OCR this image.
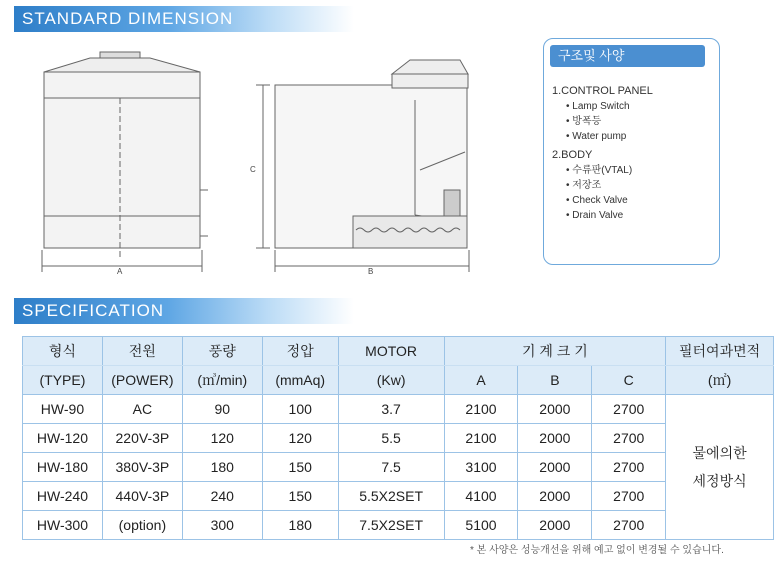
STANDARD DIMENSION
A	B
C
구조및 사양
1.CONTROL PANEL
• Lamp Switch
• 방폭등
• Water pump
2.BODY
• 수류판(VTAL)
• 저장조
• Check Valve
• Drain Valve
SPECIFICATION
형식	전원	풍량	정압	MOTOR	기 계 크 기			필터여과면적
(TYPE)	(POWER)	(㎥/min)	(mmAq)	(Kw)	A	B	C	(㎡)
HW-90	AC	90	100	3.7	2100	2000	2700	물에의한
세정방식

HW-120	220V-3P	120	120	5.5	2100	2000	2700	
HW-180	380V-3P	180	150	7.5	3100	2000	2700	
HW-240	440V-3P	240	150	5.5X2SET	4100	2000	2700	
HW-300	(option)	300	180	7.5X2SET	5100	2000	2700	
* 본 사양은 성능개선을 위해 예고 없이 변경될 수 있습니다.
